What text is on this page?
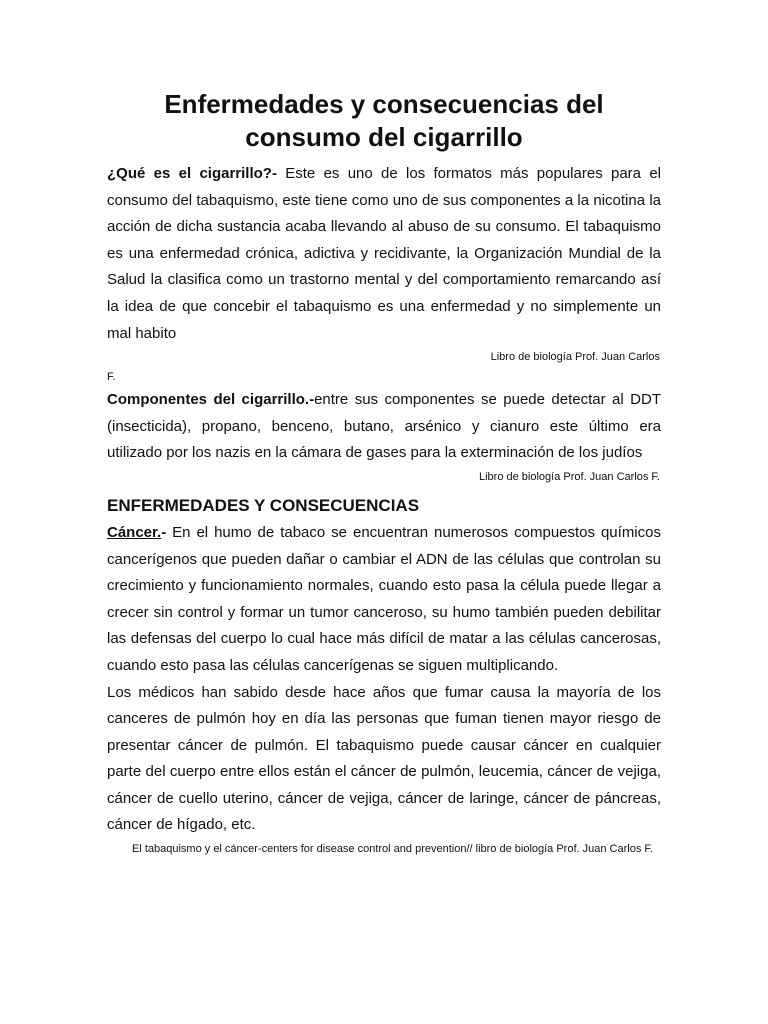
Enfermedades y consecuencias del consumo del cigarrillo

¿Qué es el cigarrillo?- Este es uno de los formatos más populares para el consumo del tabaquismo, este tiene como uno de sus componentes a la nicotina la acción de dicha sustancia acaba llevando al abuso de su consumo. El tabaquismo es una enfermedad crónica, adictiva y recidivante, la Organización Mundial de la Salud la clasifica como un trastorno mental y del comportamiento remarcando así la idea de que concebir el tabaquismo es una enfermedad y no simplemente un mal habito

Libro de biología Prof. Juan Carlos

F.

Componentes del cigarrillo.-entre sus componentes se puede detectar al DDT (insecticida), propano, benceno, butano, arsénico y cianuro este último era utilizado por los nazis en la cámara de gases para la exterminación de los judíos

Libro de biología Prof. Juan Carlos F.

ENFERMEDADES Y CONSECUENCIAS

Cáncer.- En el humo de tabaco se encuentran numerosos compuestos químicos cancerígenos que pueden dañar o cambiar el ADN de las células que controlan su crecimiento y funcionamiento normales, cuando esto pasa la célula puede llegar a crecer sin control y formar un tumor canceroso, su humo también pueden debilitar las defensas del cuerpo lo cual hace más difícil de matar a las células cancerosas, cuando esto pasa las células cancerígenas se siguen multiplicando.

Los médicos han sabido desde hace años que fumar causa la mayoría de los canceres de pulmón hoy en día las personas que fuman tienen mayor riesgo de presentar cáncer de pulmón. El tabaquismo puede causar cáncer en cualquier parte del cuerpo entre ellos están el cáncer de pulmón, leucemia, cáncer de vejiga, cáncer de cuello uterino, cáncer de vejiga, cáncer de laringe, cáncer de páncreas, cáncer de hígado, etc.

El tabaquismo y el cáncer-centers for disease control and prevention// libro de biología Prof. Juan Carlos F.
